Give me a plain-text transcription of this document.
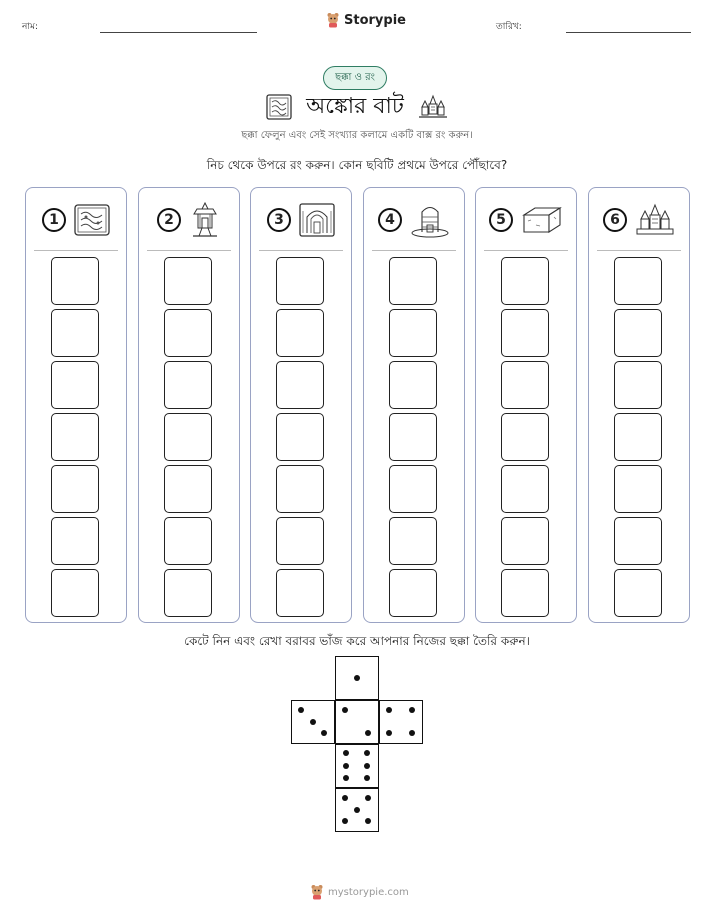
নাম:	Storypie	তারিখ:
ছক্কা ও রং
অঙ্কোর বাট
ছক্কা ফেলুন এবং সেই সংখ্যার কলামে একটি বাক্স রং করুন।
নিচ থেকে উপরে রং করুন। কোন ছবিটি প্রথমে উপরে পৌঁছাবে?
1	2	3	4	5	6
কেটে নিন এবং রেখা বরাবর ভাঁজ করে আপনার নিজের ছক্কা তৈরি করুন।
mystorypie.com
